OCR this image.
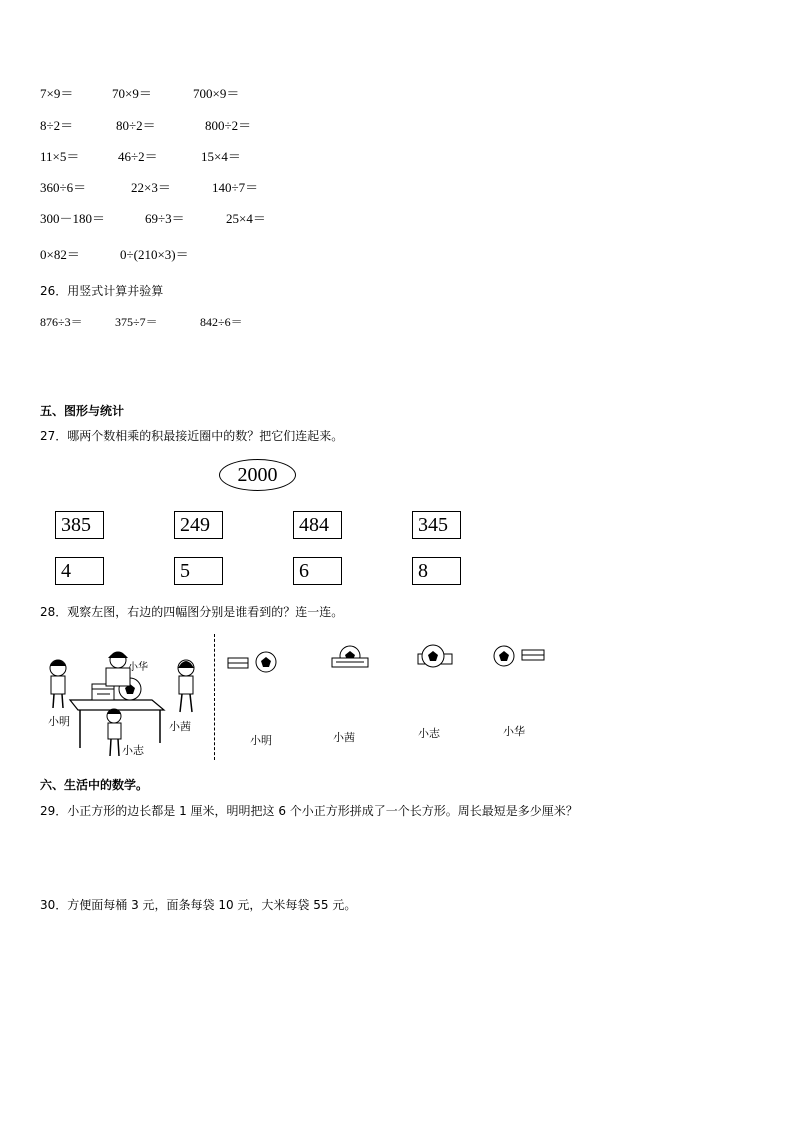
7×9＝	70×9＝	700×9＝
8÷2＝	80÷2＝	800÷2＝
11×5＝	46÷2＝	15×4＝
360÷6＝	22×3＝	140÷7＝
300－180＝	69÷3＝	25×4＝
0×82＝	0÷(210×3)＝
26．用竖式计算并验算
876÷3＝	375÷7＝	842÷6＝
五、图形与统计
27．哪两个数相乘的积最接近圈中的数？把它们连起来。
2000
385	249	484	345
4	5	6	8
28．观察左图，右边的四幅图分别是谁看到的？连一连。
小华
小明	小茜
小志
小明	小茜	小志	小华
六、生活中的数学。
29．小正方形的边长都是 1 厘米，明明把这 6 个小正方形拼成了一个长方形。周长最短是多少厘米？
30．方便面每桶 3 元，面条每袋 10 元，大米每袋 55 元。
